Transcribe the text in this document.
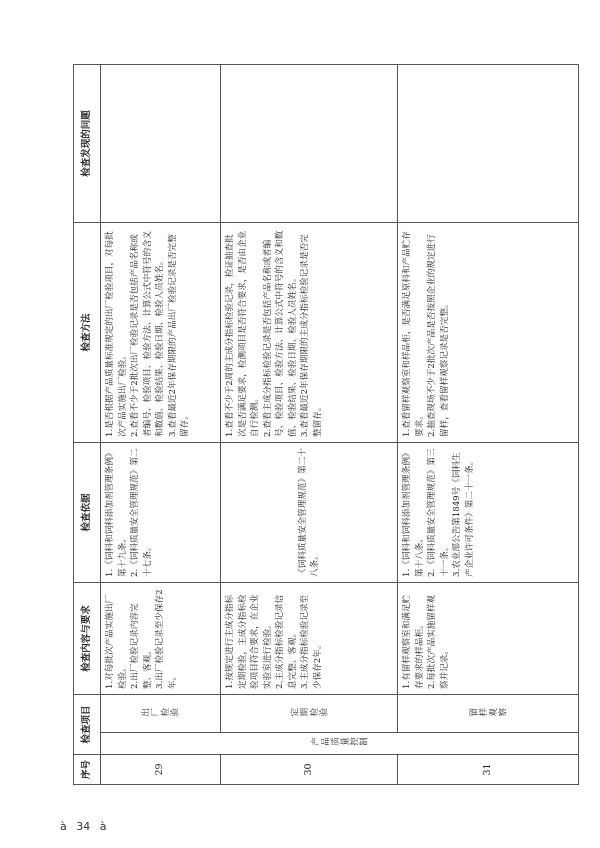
序号	检查项目		检查内容与要求	检查依据	检查方法	检查发现的问题
29	产品质量控制	出厂检验	1.对每批次产品实施出厂检验。
2.出厂检验记录内容完整、客观。
3.出厂检验记录至少保存2年。	1.《饲料和饲料添加剂管理条例》第十九条。
2.《饲料质量安全管理规范》第二十七条。	1.是否根据产品质量标准规定的出厂检验项目，对每批次产品实施出厂检验。
2.查看不少于2批次出厂检验记录是否包括产品名称或者编号、检验项目、检验方法、计算公式中符号的含义和数值、检验结果、检验日期、检验人员姓名。
3.查看最近2年保存期限的产品出厂检验记录是否完整留存。	
30		定期检验	1.按规定进行主成分指标定期检验，主成分指标检验项目符合要求，在企业实验室进行检验。
2.主成分指标检验记录信息完整、客观。
3.主成分指标检验记录至少保存2年。	《饲料质量安全管理规范》第二十八条。	1.查看不少于2周的主成分指标检验记录，检证抽查批次是否满足要求，检测项目是否符合要求，是否由企业自行检测。
2.查看主成分指标检验记录是否包括产品名称或者编号、检验项目、检验方法、计算公式中符号的含义和数值、检验结果、检验日期、检验人员姓名。
3.查看最近2年保存期限的主成分指标检验记录是否完整留存。	
31		留样观察	1.有留样观察室和满足贮存要求的样品柜。
2.每批次产品实施留样观察并记录。	1.《饲料和饲料添加剂管理条例》第十八条。
2.《饲料质量安全管理规范》第三十一条。
3.农业部公告第1849号《饲料生产企业许可条件》第二十一条。	1.查看留样观察室和样品柜，是否满足原料和产品贮存要求。
2.抽查现场不少于2批次产品是否按照企业的规定进行留样，查看留样观察记录是否完整。	
à 34 à
